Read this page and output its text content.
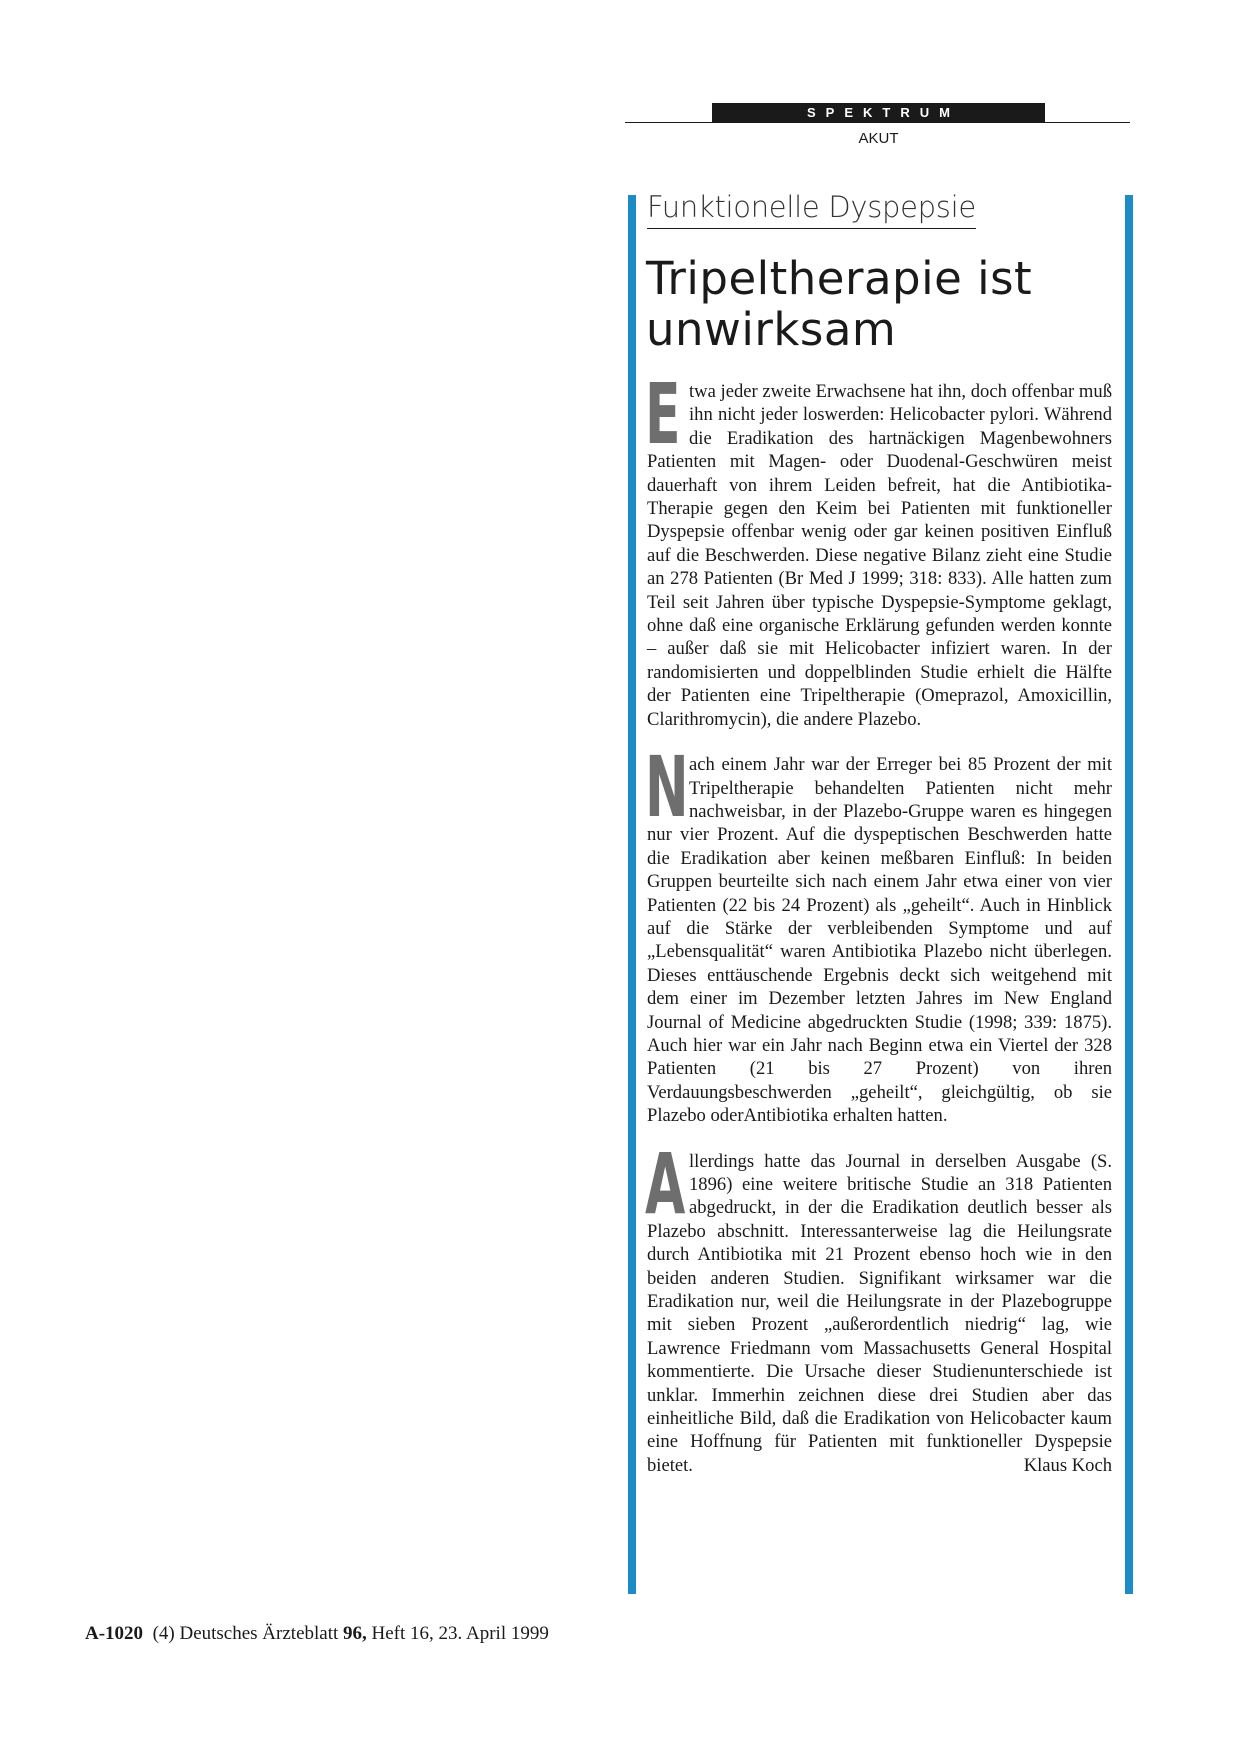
SPEKTRUM
AKUT
Funktionelle Dyspepsie
Tripeltherapie ist unwirksam

Etwa jeder zweite Erwachsene hat ihn, doch offenbar muß ihn nicht jeder loswerden: Helicobacter pylori. Während die Eradikation des hartnäckigen Magenbewohners Patienten mit Magen- oder Duodenal-Geschwüren meist dauerhaft von ihrem Leiden befreit, hat die Antibiotika-Therapie gegen den Keim bei Patienten mit funktioneller Dyspepsie offenbar wenig oder gar keinen positiven Einfluß auf die Beschwerden. Diese negative Bilanz zieht eine Studie an 278 Patienten (Br Med J 1999; 318: 833). Alle hatten zum Teil seit Jahren über typische Dyspepsie-Symptome geklagt, ohne daß eine organische Erklärung gefunden werden konnte – außer daß sie mit Helicobacter infiziert waren. In der randomisierten und doppelblinden Studie erhielt die Hälfte der Patienten eine Tripeltherapie (Omeprazol, Amoxicillin, Clarithromycin), die andere Plazebo.

Nach einem Jahr war der Erreger bei 85 Prozent der mit Tripeltherapie behandelten Patienten nicht mehr nachweisbar, in der Plazebo-Gruppe waren es hingegen nur vier Prozent. Auf die dyspeptischen Beschwerden hatte die Eradikation aber keinen meßbaren Einfluß: In beiden Gruppen beurteilte sich nach einem Jahr etwa einer von vier Patienten (22 bis 24 Prozent) als „geheilt“. Auch in Hinblick auf die Stärke der verbleibenden Symptome und auf „Lebensqualität“ waren Antibiotika Plazebo nicht überlegen. Dieses enttäuschende Ergebnis deckt sich weitgehend mit dem einer im Dezember letzten Jahres im New England Journal of Medicine abgedruckten Studie (1998; 339: 1875). Auch hier war ein Jahr nach Beginn etwa ein Viertel der 328 Patienten (21 bis 27 Prozent) von ihren Verdauungsbeschwerden „geheilt“, gleichgültig, ob sie Plazebo oderAntibiotika erhalten hatten.

Allerdings hatte das Journal in derselben Ausgabe (S. 1896) eine weitere britische Studie an 318 Patienten abgedruckt, in der die Eradikation deutlich besser als Plazebo abschnitt. Interessanterweise lag die Heilungsrate durch Antibiotika mit 21 Prozent ebenso hoch wie in den beiden anderen Studien. Signifikant wirksamer war die Eradikation nur, weil die Heilungsrate in der Plazebogruppe mit sieben Prozent „außerordentlich niedrig“ lag, wie Lawrence Friedmann vom Massachusetts General Hospital kommentierte. Die Ursache dieser Studienunterschiede ist unklar. Immerhin zeichnen diese drei Studien aber das einheitliche Bild, daß die Eradikation von Helicobacter kaum eine Hoffnung für Patienten mit funktioneller Dyspepsie bietet.	Klaus Koch

A-1020 (4) Deutsches Ärzteblatt 96, Heft 16, 23. April 1999
